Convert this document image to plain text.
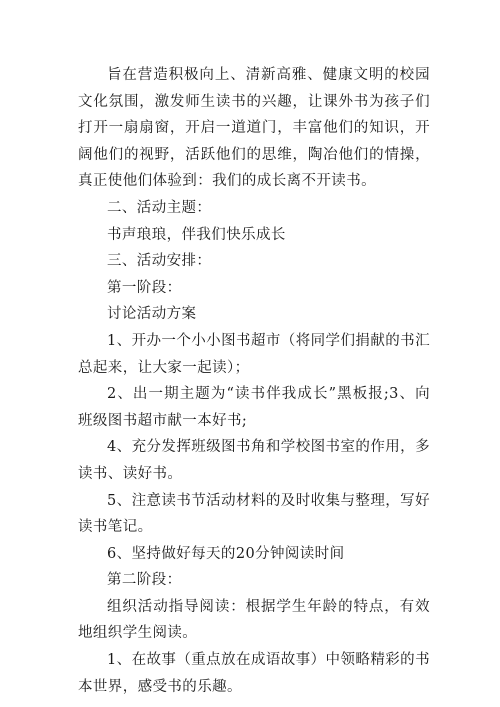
旨在营造积极向上、清新高雅、健康文明的校园文化氛围，激发师生读书的兴趣，让课外书为孩子们打开一扇扇窗，开启一道道门，丰富他们的知识，开阔他们的视野，活跃他们的思维，陶冶他们的情操，真正使他们体验到：我们的成长离不开读书。

二、活动主题：

书声琅琅，伴我们快乐成长

三、活动安排：

第一阶段：

讨论活动方案

1、开办一个小小图书超市（将同学们捐献的书汇总起来，让大家一起读）；

2、出一期主题为“读书伴我成长”黑板报;3、向班级图书超市献一本好书;

4、充分发挥班级图书角和学校图书室的作用，多读书、读好书。

5、注意读书节活动材料的及时收集与整理，写好读书笔记。

6、坚持做好每天的20分钟阅读时间

第二阶段：

组织活动指导阅读：根据学生年龄的特点，有效地组织学生阅读。

1、在故事（重点放在成语故事）中领略精彩的书本世界，感受书的乐趣。
